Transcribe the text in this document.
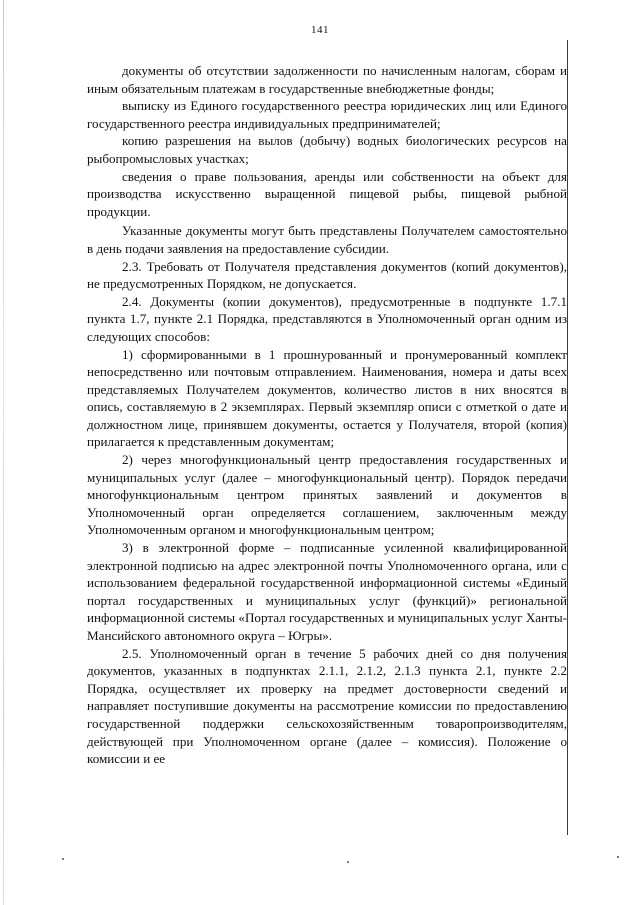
141

документы об отсутствии задолженности по начисленным налогам, сборам и иным обязательным платежам в государственные внебюджетные фонды;

выписку из Единого государственного реестра юридических лиц или Единого государственного реестра индивидуальных предпринимателей;

копию разрешения на вылов (добычу) водных биологических ресурсов на рыбопромысловых участках;

сведения о праве пользования, аренды или собственности на объект для производства искусственно выращенной пищевой рыбы, пищевой рыбной продукции.

Указанные документы могут быть представлены Получателем самостоятельно в день подачи заявления на предоставление субсидии.

2.3. Требовать от Получателя представления документов (копий документов), не предусмотренных Порядком, не допускается.

2.4. Документы (копии документов), предусмотренные в подпункте 1.7.1 пункта 1.7, пункте 2.1 Порядка, представляются в Уполномоченный орган одним из следующих способов:

1) сформированными в 1 прошнурованный и пронумерованный комплект непосредственно или почтовым отправлением. Наименования, номера и даты всех представляемых Получателем документов, количество листов в них вносятся в опись, составляемую в 2 экземплярах. Первый экземпляр описи с отметкой о дате и должностном лице, принявшем документы, остается у Получателя, второй (копия) прилагается к представленным документам;

2) через многофункциональный центр предоставления государственных и муниципальных услуг (далее – многофункциональный центр). Порядок передачи многофункциональным центром принятых заявлений и документов в Уполномоченный орган определяется соглашением, заключенным между Уполномоченным органом и многофункциональным центром;

3) в электронной форме – подписанные усиленной квалифицированной электронной подписью на адрес электронной почты Уполномоченного органа, или с использованием федеральной государственной информационной системы «Единый портал государственных и муниципальных услуг (функций)» региональной информационной системы «Портал государственных и муниципальных услуг Ханты-Мансийского автономного округа – Югры».

2.5. Уполномоченный орган в течение 5 рабочих дней со дня получения документов, указанных в подпунктах 2.1.1, 2.1.2, 2.1.3 пункта 2.1, пункте 2.2 Порядка, осуществляет их проверку на предмет достоверности сведений и направляет поступившие документы на рассмотрение комиссии по предоставлению государственной поддержки сельскохозяйственным товаропроизводителям, действующей при Уполномоченном органе (далее – комиссия). Положение о комиссии и ее
